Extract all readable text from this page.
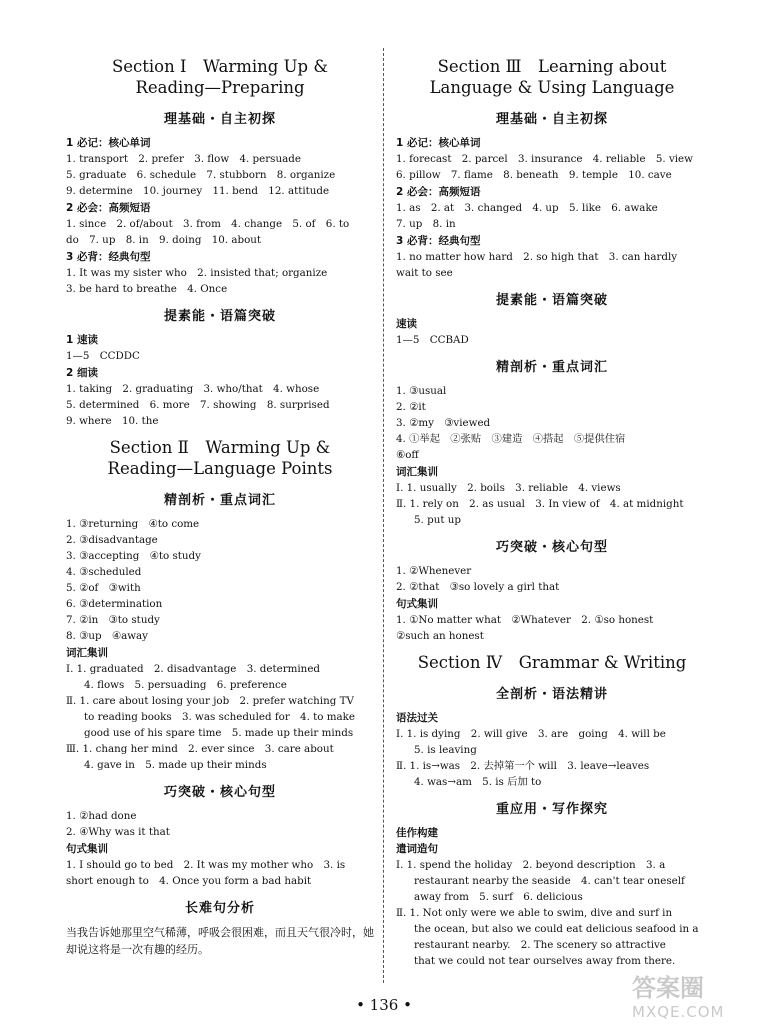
Section Ⅰ　Warming Up &
Reading—Preparing
理基础・自主初探
1 必记：核心单词

1. transport　2. prefer　3. flow　4. persuade

5. graduate　6. schedule　7. stubborn　8. organize

9. determine　10. journey　11. bend　12. attitude

2 必会：高频短语

1. since　2. of/about　3. from　4. change　5. of　6. to

do　7. up　8. in　9. doing　10. about

3 必背：经典句型

1. It was my sister who　2. insisted that; organize

3. be hard to breathe　4. Once

提素能・语篇突破
1 速读

1—5　CCDDC

2 细读

1. taking　2. graduating　3. who/that　4. whose

5. determined　6. more　7. showing　8. surprised

9. where　10. the

Section Ⅱ　Warming Up &
Reading—Language Points
精剖析・重点词汇

1. ③returning　④to come

2. ③disadvantage

3. ③accepting　④to study

4. ③scheduled

5. ②of　③with

6. ③determination

7. ②in　③to study

8. ③up　④away

词汇集训

Ⅰ. 1. graduated　2. disadvantage　3. determined

4. flows　5. persuading　6. preference

Ⅱ. 1. care about losing your job　2. prefer watching TV

to reading books　3. was scheduled for　4. to make

good use of his spare time　5. made up their minds

Ⅲ. 1. chang her mind　2. ever since　3. care about

4. gave in　5. made up their minds

巧突破・核心句型

1. ②had done

2. ④Why was it that

句式集训

1. I should go to bed　2. It was my mother who　3. is

short enough to　4. Once you form a bad habit

长难句分析

当我告诉她那里空气稀薄，呼吸会很困难，而且天气很冷时，她却说这将是一次有趣的经历。

Section Ⅲ　Learning about
Language & Using Language
理基础・自主初探
1 必记：核心单词

1. forecast　2. parcel　3. insurance　4. reliable　5. view

6. pillow　7. flame　8. beneath　9. temple　10. cave

2 必会：高频短语

1. as　2. at　3. changed　4. up　5. like　6. awake

7. up　8. in

3 必背：经典句型

1. no matter how hard　2. so high that　3. can hardly

wait to see

提素能・语篇突破
速读

1—5　CCBAD

精剖析・重点词汇

1. ③usual

2. ②it

3. ②my　③viewed

4. ①举起　②张贴　③建造　④搭起　⑤提供住宿

⑥off

词汇集训

Ⅰ. 1. usually　2. boils　3. reliable　4. views

Ⅱ. 1. rely on　2. as usual　3. In view of　4. at midnight

5. put up

巧突破・核心句型

1. ②Whenever

2. ②that　③so lovely a girl that

句式集训

1. ①No matter what　②Whatever　2. ①so honest

②such an honest

Section Ⅳ　Grammar & Writing
全剖析・语法精讲
语法过关

Ⅰ. 1. is dying　2. will give　3. are　going　4. will be

5. is leaving

Ⅱ. 1. is→was　2. 去掉第一个 will　3. leave→leaves

4. was→am　5. is 后加 to

重应用・写作探究
佳作构建
遣词造句

Ⅰ. 1. spend the holiday　2. beyond description　3. a

restaurant nearby the seaside　4. can't tear oneself

away from　5. surf　6. delicious

Ⅱ. 1. Not only were we able to swim, dive and surf in

the ocean, but also we could eat delicious seafood in a

restaurant nearby.　2. The scenery so attractive

that we could not tear ourselves away from there.

• 136 •
答案圈
MXQE.COM
